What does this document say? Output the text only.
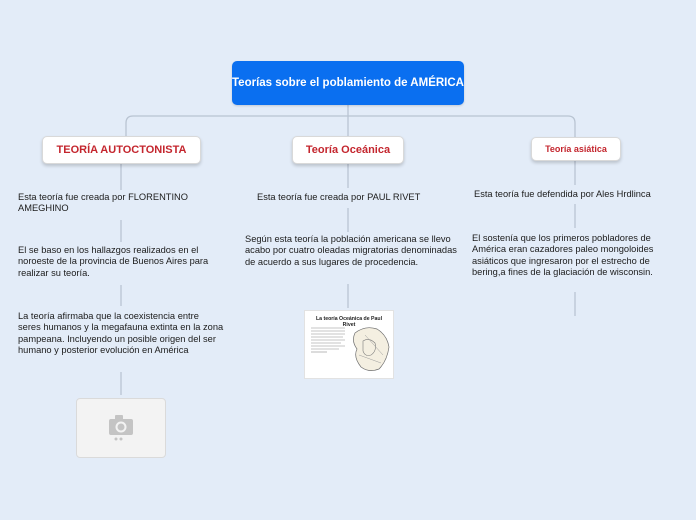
Teorías sobre el poblamiento de AMÉRICA
TEORÍA AUTOCTONISTA	Teoría Oceánica	Teoría asiática
Esta teoría fue creada por FLORENTINO AMEGHINO
El se baso en los hallazgos realizados en el noroeste de la provincia de Buenos Aires para realizar su teoría.
La teoría afirmaba que la coexistencia entre seres humanos y la megafauna extinta en la zona pampeana. Incluyendo un posible origen del ser humano y posterior evolución en América
Esta teoría fue creada por PAUL RIVET
Según esta teoría la población americana se llevo acabo por cuatro oleadas migratorias denominadas de acuerdo a sus lugares de procedencia.
La teoría Oceánica de Paul Rivet
Esta teoría fue defendida por Ales Hrdlinca
El sostenía que los primeros pobladores de América eran cazadores paleo mongoloides asiáticos que ingresaron por el estrecho de bering,a fines de la glaciación de wisconsin.
